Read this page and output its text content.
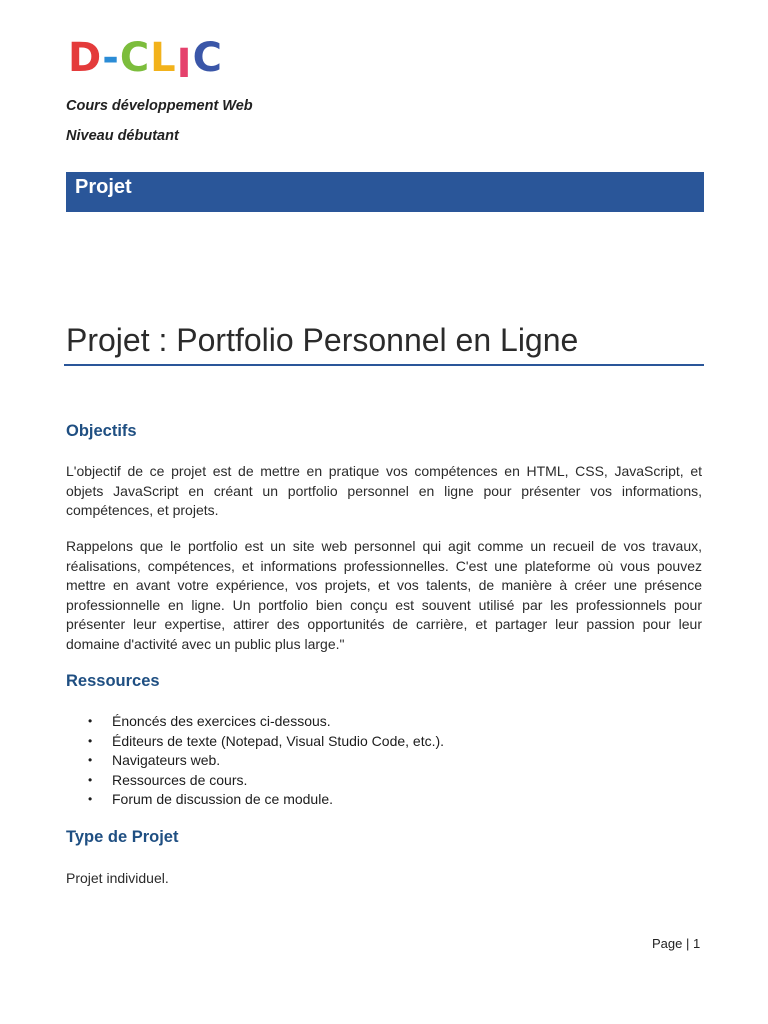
D - C L I C
Cours développement Web
Niveau débutant
Projet
Projet : Portfolio Personnel en Ligne
Objectifs
L'objectif de ce projet est de mettre en pratique vos compétences en HTML, CSS, JavaScript, et objets JavaScript en créant un portfolio personnel en ligne pour présenter vos informations, compétences, et projets.
Rappelons que le portfolio est un site web personnel qui agit comme un recueil de vos travaux, réalisations, compétences, et informations professionnelles. C'est une plateforme où vous pouvez mettre en avant votre expérience, vos projets, et vos talents, de manière à créer une présence professionnelle en ligne. Un portfolio bien conçu est souvent utilisé par les professionnels pour présenter leur expertise, attirer des opportunités de carrière, et partager leur passion pour leur domaine d'activité avec un public plus large."
Ressources
• Énoncés des exercices ci-dessous.
• Éditeurs de texte (Notepad, Visual Studio Code, etc.).
• Navigateurs web.
• Ressources de cours.
• Forum de discussion de ce module.
Type de Projet
Projet individuel.
Page | 1
